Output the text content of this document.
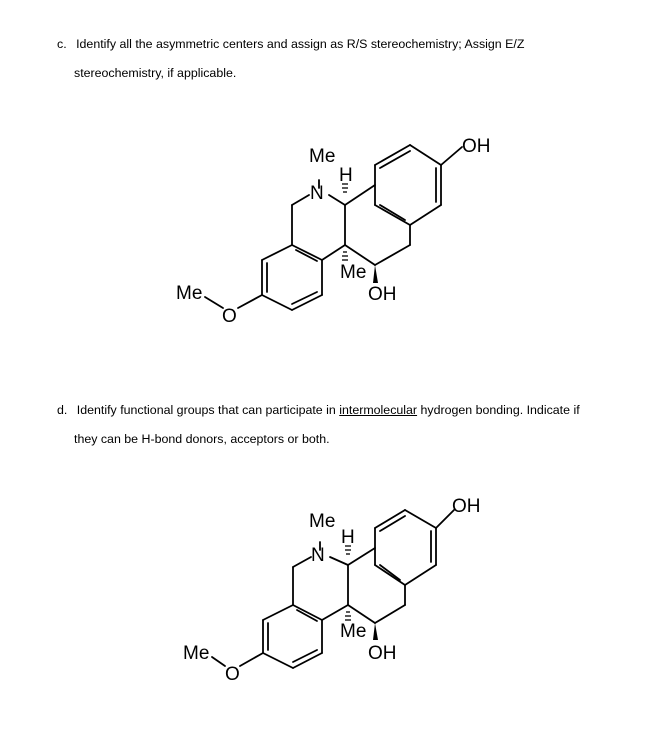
c. Identify all the asymmetric centers and assign as R/S stereochemistry; Assign E/Z
stereochemistry, if applicable.
Me
H
N
OH
Me
OH
Me
O
d. Identify functional groups that can participate in intermolecular hydrogen bonding. Indicate if
they can be H-bond donors, acceptors or both.
Me
H
N
OH
Me
OH
Me
O
